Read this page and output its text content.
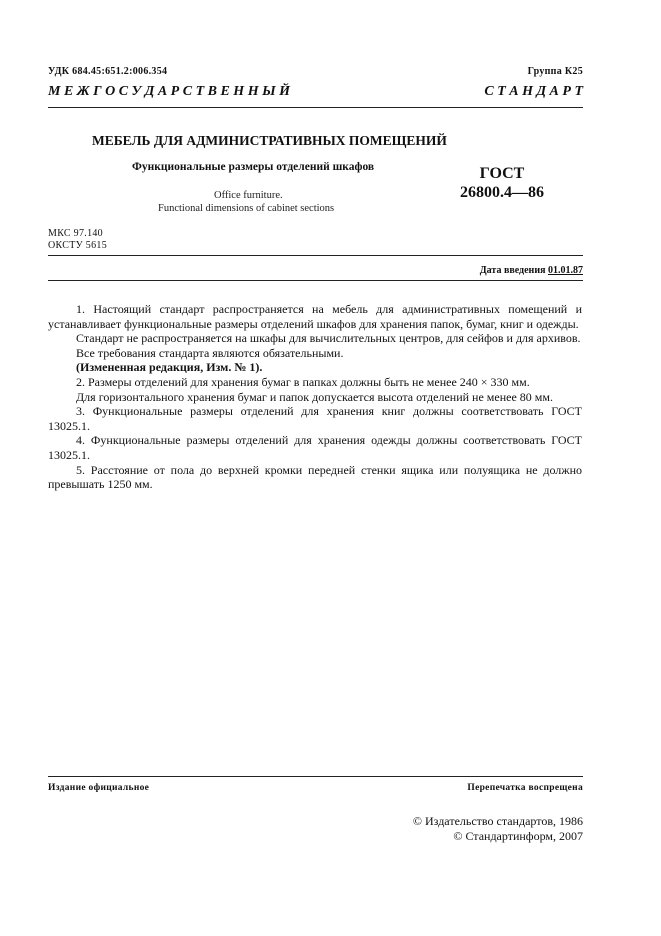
УДК 684.45:651.2:006.354	Группа К25
М Е Ж Г О С У Д А Р С Т В Е Н Н Ы Й	С Т А Н Д А Р Т
МЕБЕЛЬ ДЛЯ АДМИНИСТРАТИВНЫХ ПОМЕЩЕНИЙ
Функциональные размеры отделений шкафов
Office furniture.
Functional dimensions of cabinet sections
ГОСТ
26800.4—86
МКС 97.140
ОКСТУ 5615
Дата введения 01.01.87

1. Настоящий стандарт распространяется на мебель для административных помещений и устанавливает функциональные размеры отделений шкафов для хранения папок, бумаг, книг и одежды.

Стандарт не распространяется на шкафы для вычислительных центров, для сейфов и для архивов.

Все требования стандарта являются обязательными.

(Измененная редакция, Изм. № 1).

2. Размеры отделений для хранения бумаг в папках должны быть не менее 240 × 330 мм.

Для горизонтального хранения бумаг и папок допускается высота отделений не менее 80 мм.

3. Функциональные размеры отделений для хранения книг должны соответствовать ГОСТ 13025.1.

4. Функциональные размеры отделений для хранения одежды должны соответствовать ГОСТ 13025.1.

5. Расстояние от пола до верхней кромки передней стенки ящика или полуящика не должно превышать 1250 мм.

Издание официальное	Перепечатка воспрещена
© Издательство стандартов, 1986
© Стандартинформ, 2007
